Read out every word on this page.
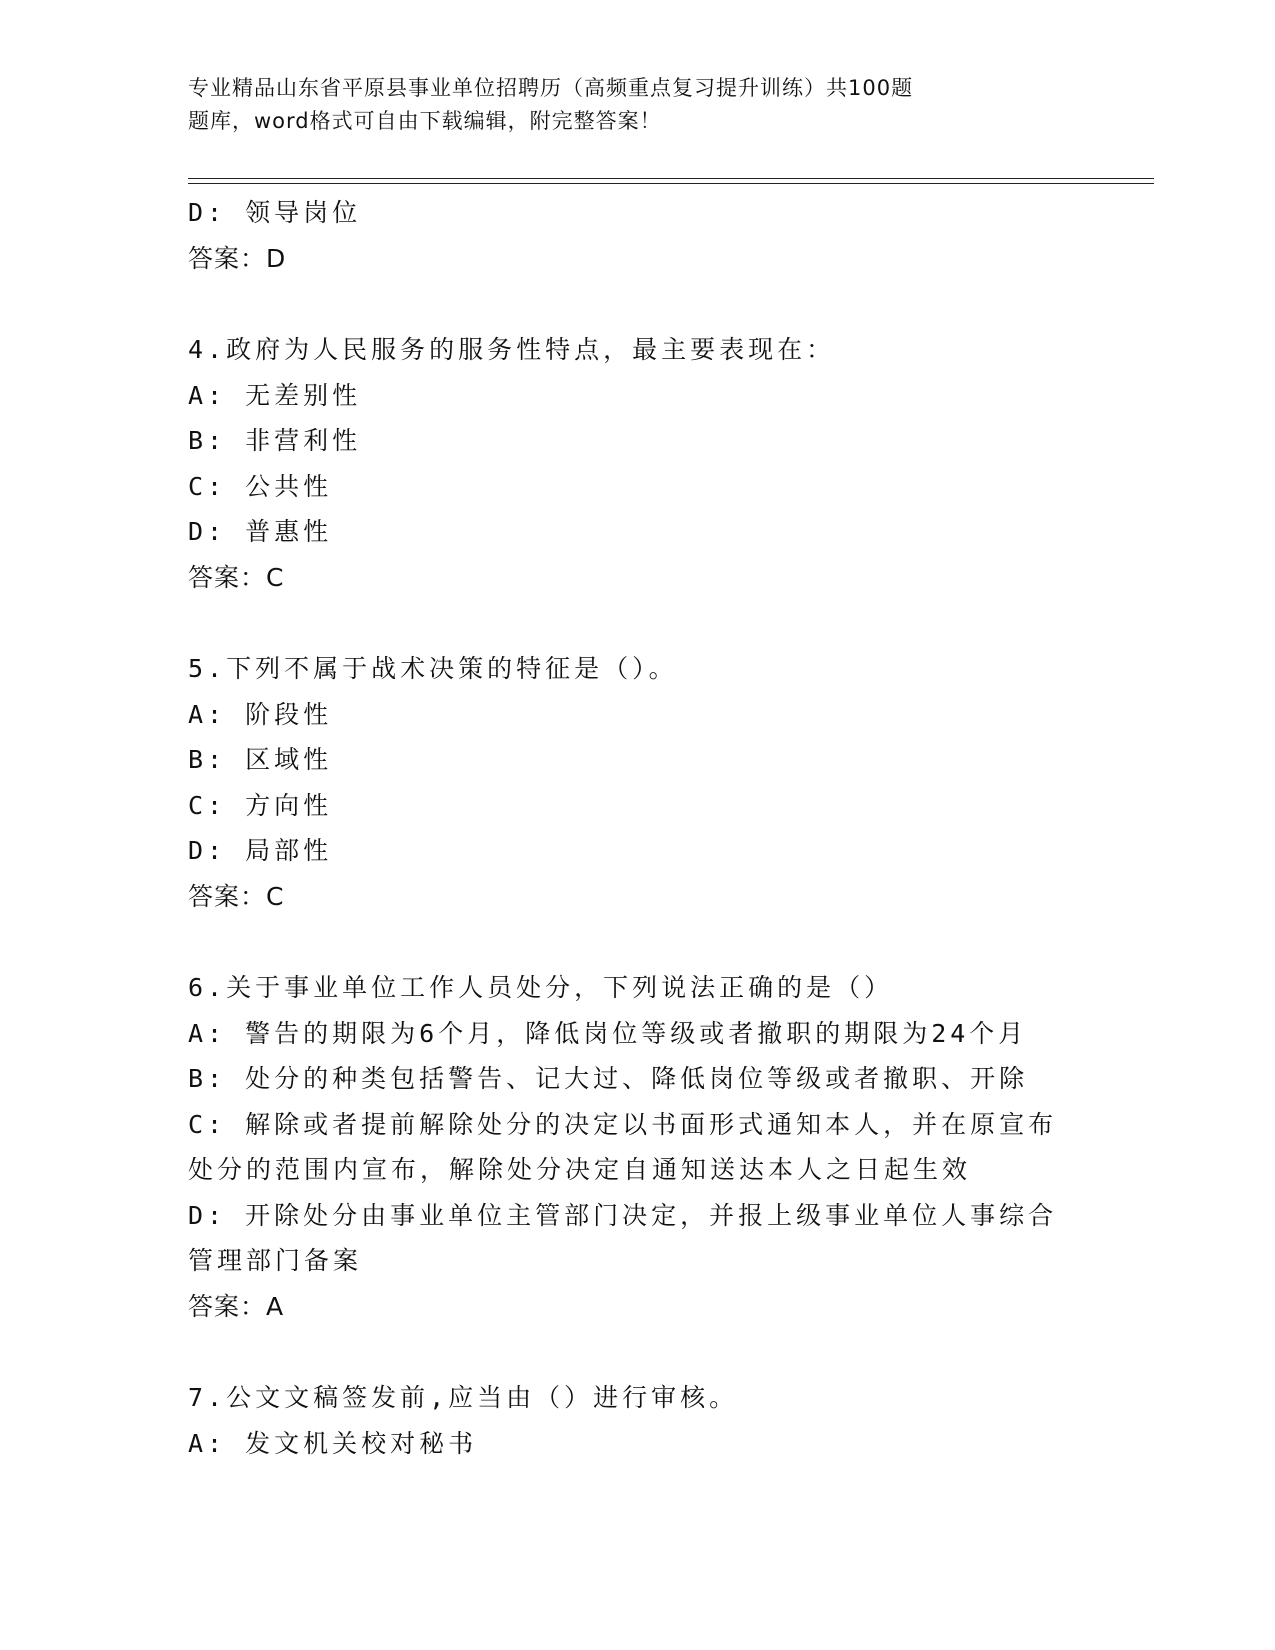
专业精品山东省平原县事业单位招聘历（高频重点复习提升训练）共100题
题库，word格式可自由下载编辑，附完整答案！
D: 领导岗位
答案：D
4.政府为人民服务的服务性特点，最主要表现在：
A: 无差别性
B: 非营利性
C: 公共性
D: 普惠性
答案：C
5.下列不属于战术决策的特征是（）。
A: 阶段性
B: 区域性
C: 方向性
D: 局部性
答案：C
6.关于事业单位工作人员处分，下列说法正确的是（）
A: 警告的期限为6个月，降低岗位等级或者撤职的期限为24个月
B: 处分的种类包括警告、记大过、降低岗位等级或者撤职、开除
C: 解除或者提前解除处分的决定以书面形式通知本人，并在原宣布处分的范围内宣布，解除处分决定自通知送达本人之日起生效
D: 开除处分由事业单位主管部门决定，并报上级事业单位人事综合管理部门备案
答案：A
7.公文文稿签发前,应当由（）进行审核。
A: 发文机关校对秘书
